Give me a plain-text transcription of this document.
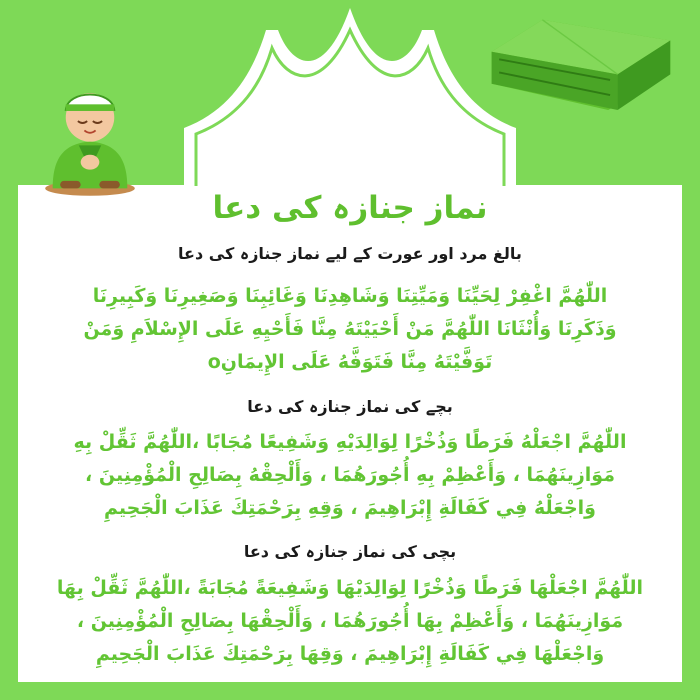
نماز جنازہ کی دعا

بالغ مرد اور عورت کے لیے نماز جنازہ کی دعا

اللّٰهُمَّ اغْفِرْ لِحَيِّنَا وَمَيِّتِنَا وَشَاهِدِنَا وَغَائِبِنَا وَصَغِيرِنَا وَكَبِيرِنَا
وَذَكَرِنَا وَأُنْثَانَا اللّٰهُمَّ مَنْ أَحْيَيْتَهُ مِنَّا فَأَحْيِهِ عَلَى الإِسْلاَمِ وَمَنْ
تَوَفَّيْتَهُ مِنَّا فَتَوَفَّهُ عَلَى الإِيمَانِo

بچے کی نماز جنازہ کی دعا

اللّٰهُمَّ اجْعَلْهُ فَرَطًا وَذُخْرًا لِوَالِدَيْهِ وَشَفِيعًا مُجَابًا ،اللّٰهُمَّ ثَقِّلْ بِهِ
مَوَازِينَهُمَا ، وَأَعْظِمْ بِهِ أُجُورَهُمَا ، وَأَلْحِقْهُ بِصَالِحِ الْمُؤْمِنِينَ ،
وَاجْعَلْهُ فِي كَفَالَةِ إِبْرَاهِيمَ ، وَقِهِ بِرَحْمَتِكَ عَذَابَ الْجَحِيمِ

بچی کی نماز جنازہ کی دعا

اللّٰهُمَّ اجْعَلْهَا فَرَطًا وَذُخْرًا لِوَالِدَيْهَا وَشَفِيعَةً مُجَابَةً ،اللّٰهُمَّ ثَقِّلْ بِهَا
مَوَازِينَهُمَا ، وَأَعْظِمْ بِهَا أُجُورَهُمَا ، وَأَلْحِقْهَا بِصَالِحِ الْمُؤْمِنِينَ ،
وَاجْعَلْهَا فِي كَفَالَةِ إِبْرَاهِيمَ ، وَقِهَا بِرَحْمَتِكَ عَذَابَ الْجَحِيمِ
